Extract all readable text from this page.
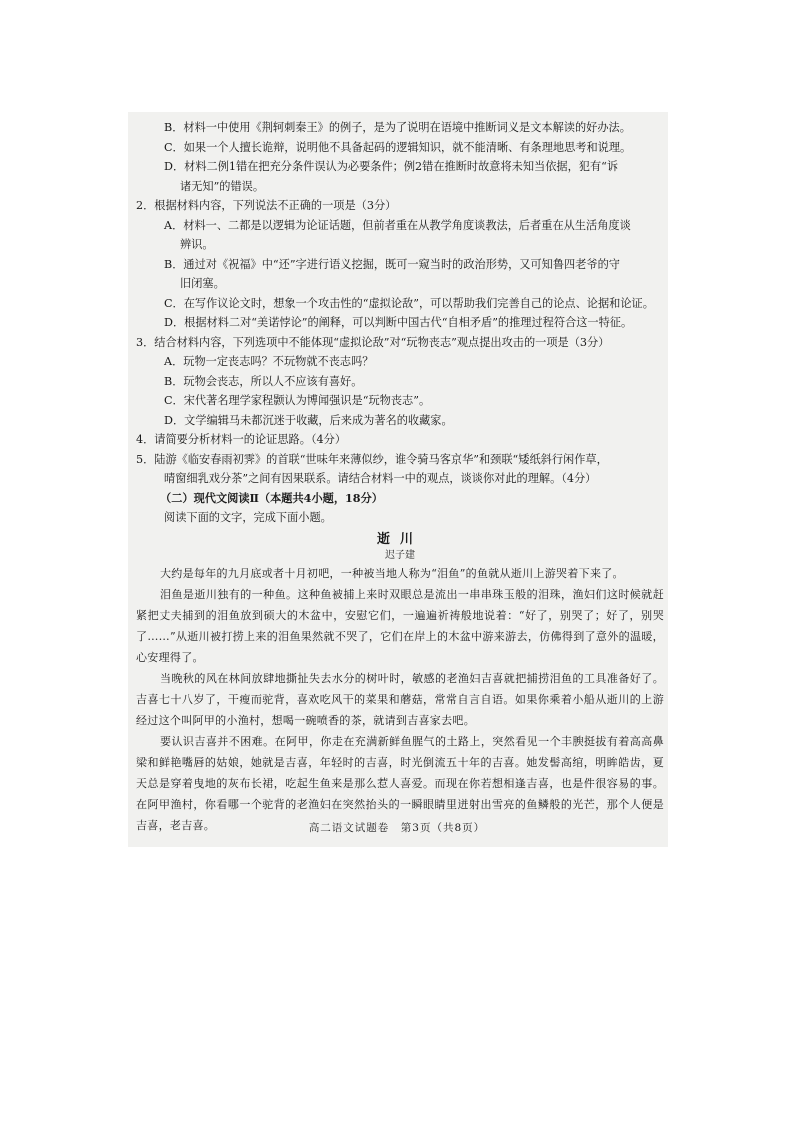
B．材料一中使用《荆轲刺秦王》的例子，是为了说明在语境中推断词义是文本解读的好办法。
C．如果一个人擅长诡辩，说明他不具备起码的逻辑知识，就不能清晰、有条理地思考和说理。
D．材料二例1错在把充分条件误认为必要条件；例2错在推断时故意将未知当依据，犯有“诉
诸无知”的错误。
2．根据材料内容，下列说法不正确的一项是（3分）
A．材料一、二都是以逻辑为论证话题，但前者重在从教学角度谈教法，后者重在从生活角度谈
辨识。
B．通过对《祝福》中“还”字进行语义挖掘，既可一窥当时的政治形势，又可知鲁四老爷的守
旧闭塞。
C．在写作议论文时，想象一个攻击性的“虚拟论敌”，可以帮助我们完善自己的论点、论据和论证。
D．根据材料二对“美诺悖论”的阐释，可以判断中国古代“自相矛盾”的推理过程符合这一特征。
3．结合材料内容，下列选项中不能体现“虚拟论敌”对“玩物丧志”观点提出攻击的一项是（3分）
A．玩物一定丧志吗？不玩物就不丧志吗？
B．玩物会丧志，所以人不应该有喜好。
C．宋代著名理学家程颢认为博闻强识是“玩物丧志”。
D．文学编辑马未都沉迷于收藏，后来成为著名的收藏家。
4．请简要分析材料一的论证思路。（4分）
5．陆游《临安春雨初霁》的首联“世味年来薄似纱，谁令骑马客京华”和颈联“矮纸斜行闲作草，
晴窗细乳戏分茶”之间有因果联系。请结合材料一中的观点，谈谈你对此的理解。（4分）
（二）现代文阅读Ⅱ（本题共4小题，18分）
阅读下面的文字，完成下面小题。
逝川
迟子建
大约是每年的九月底或者十月初吧，一种被当地人称为“泪鱼”的鱼就从逝川上游哭着下来了。
泪鱼是逝川独有的一种鱼。这种鱼被捕上来时双眼总是流出一串串珠玉般的泪珠，渔妇们这时候就赶紧把丈夫捕到的泪鱼放到硕大的木盆中，安慰它们，一遍遍祈祷般地说着：“好了，别哭了；好了，别哭了……”从逝川被打捞上来的泪鱼果然就不哭了，它们在岸上的木盆中游来游去，仿佛得到了意外的温暖，心安理得了。
当晚秋的风在林间放肆地撕扯失去水分的树叶时，敏感的老渔妇吉喜就把捕捞泪鱼的工具准备好了。吉喜七十八岁了，干瘦而驼背，喜欢吃风干的菜果和蘑菇，常常自言自语。如果你乘着小船从逝川的上游经过这个叫阿甲的小渔村，想喝一碗喷香的茶，就请到吉喜家去吧。
要认识吉喜并不困难。在阿甲，你走在充满新鲜鱼腥气的土路上，突然看见一个丰腴挺拔有着高高鼻梁和鲜艳嘴唇的姑娘，她就是吉喜，年轻时的吉喜，时光倒流五十年的吉喜。她发髻高绾，明眸皓齿，夏天总是穿着曳地的灰布长裙，吃起生鱼来是那么惹人喜爱。而现在你若想相逢吉喜，也是件很容易的事。在阿甲渔村，你看哪一个驼背的老渔妇在突然抬头的一瞬眼睛里迸射出雪亮的鱼鳞般的光芒，那个人便是吉喜，老吉喜。	高二语文试题卷　第3页（共8页）
